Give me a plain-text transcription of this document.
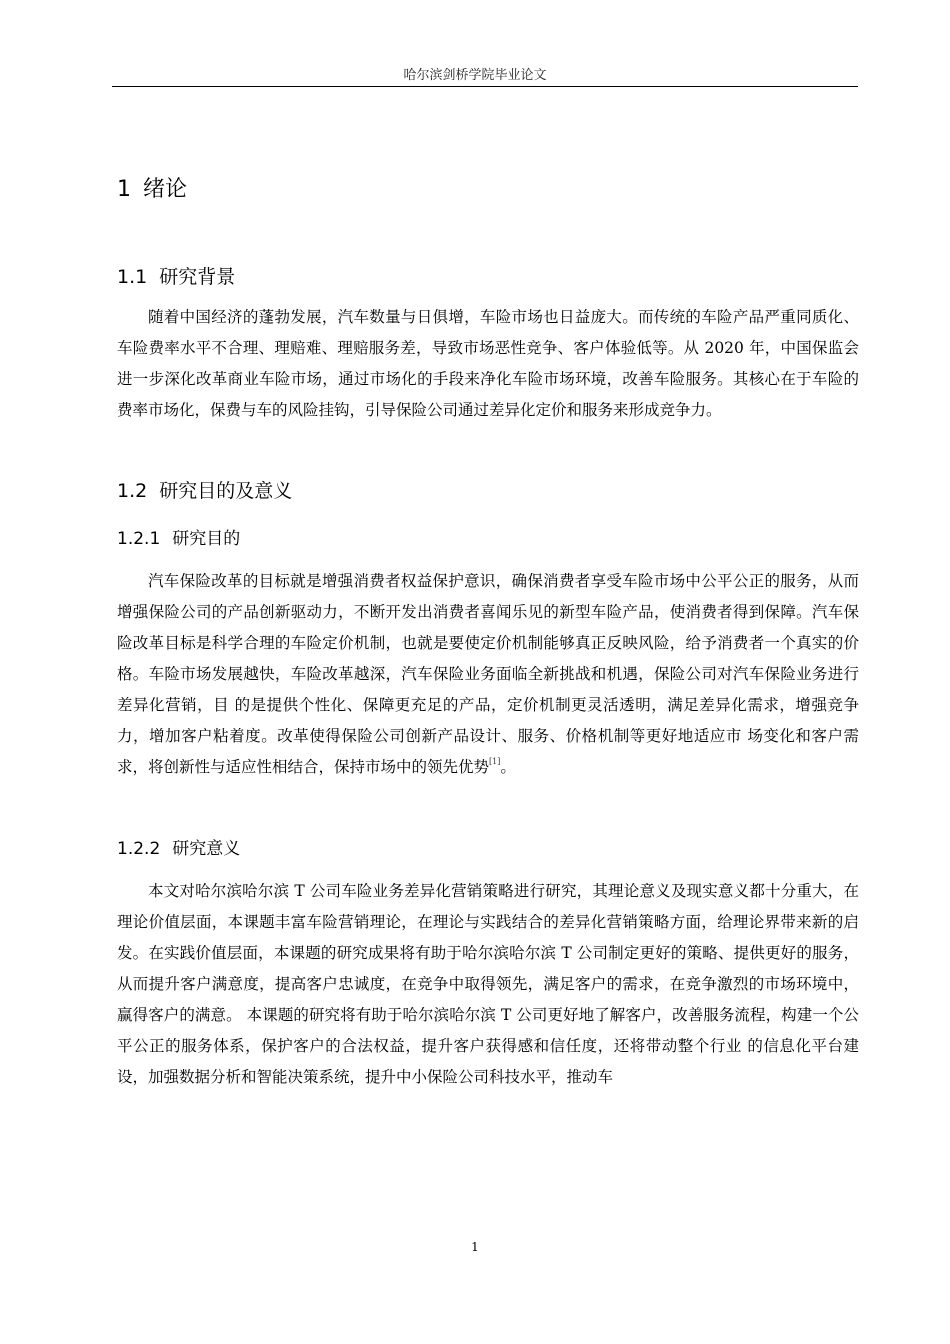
哈尔滨剑桥学院毕业论文
1 绪论
1.1 研究背景

随着中国经济的蓬勃发展，汽车数量与日俱增，车险市场也日益庞大。而传统的车险产品严重同质化、车险费率水平不合理、理赔难、理赔服务差，导致市场恶性竞争、客户体验低等。从 2020 年，中国保监会进一步深化改革商业车险市场，通过市场化的手段来净化车险市场环境，改善车险服务。其核心在于车险的费率市场化，保费与车的风险挂钩，引导保险公司通过差异化定价和服务来形成竞争力。

1.2 研究目的及意义
1.2.1 研究目的

汽车保险改革的目标就是增强消费者权益保护意识，确保消费者享受车险市场中公平公正的服务，从而增强保险公司的产品创新驱动力，不断开发出消费者喜闻乐见的新型车险产品，使消费者得到保障。汽车保险改革目标是科学合理的车险定价机制，也就是要使定价机制能够真正反映风险，给予消费者一个真实的价格。车险市场发展越快，车险改革越深，汽车保险业务面临全新挑战和机遇，保险公司对汽车保险业务进行差异化营销，目 的是提供个性化、保障更充足的产品，定价机制更灵活透明，满足差异化需求，增强竞争 力，增加客户粘着度。改革使得保险公司创新产品设计、服务、价格机制等更好地适应市 场变化和客户需求，将创新性与适应性相结合，保持市场中的领先优势[1]。

1.2.2 研究意义

本文对哈尔滨哈尔滨 T 公司车险业务差异化营销策略进行研究，其理论意义及现实意义都十分重大，在理论价值层面，本课题丰富车险营销理论，在理论与实践结合的差异化营销策略方面，给理论界带来新的启发。在实践价值层面，本课题的研究成果将有助于哈尔滨哈尔滨 T 公司制定更好的策略、提供更好的服务，从而提升客户满意度，提高客户忠诚度，在竞争中取得领先，满足客户的需求，在竞争激烈的市场环境中，赢得客户的满意。 本课题的研究将有助于哈尔滨哈尔滨 T 公司更好地了解客户，改善服务流程，构建一个公 平公正的服务体系，保护客户的合法权益，提升客户获得感和信任度，还将带动整个行业 的信息化平台建设，加强数据分析和智能决策系统，提升中小保险公司科技水平，推动车

1
